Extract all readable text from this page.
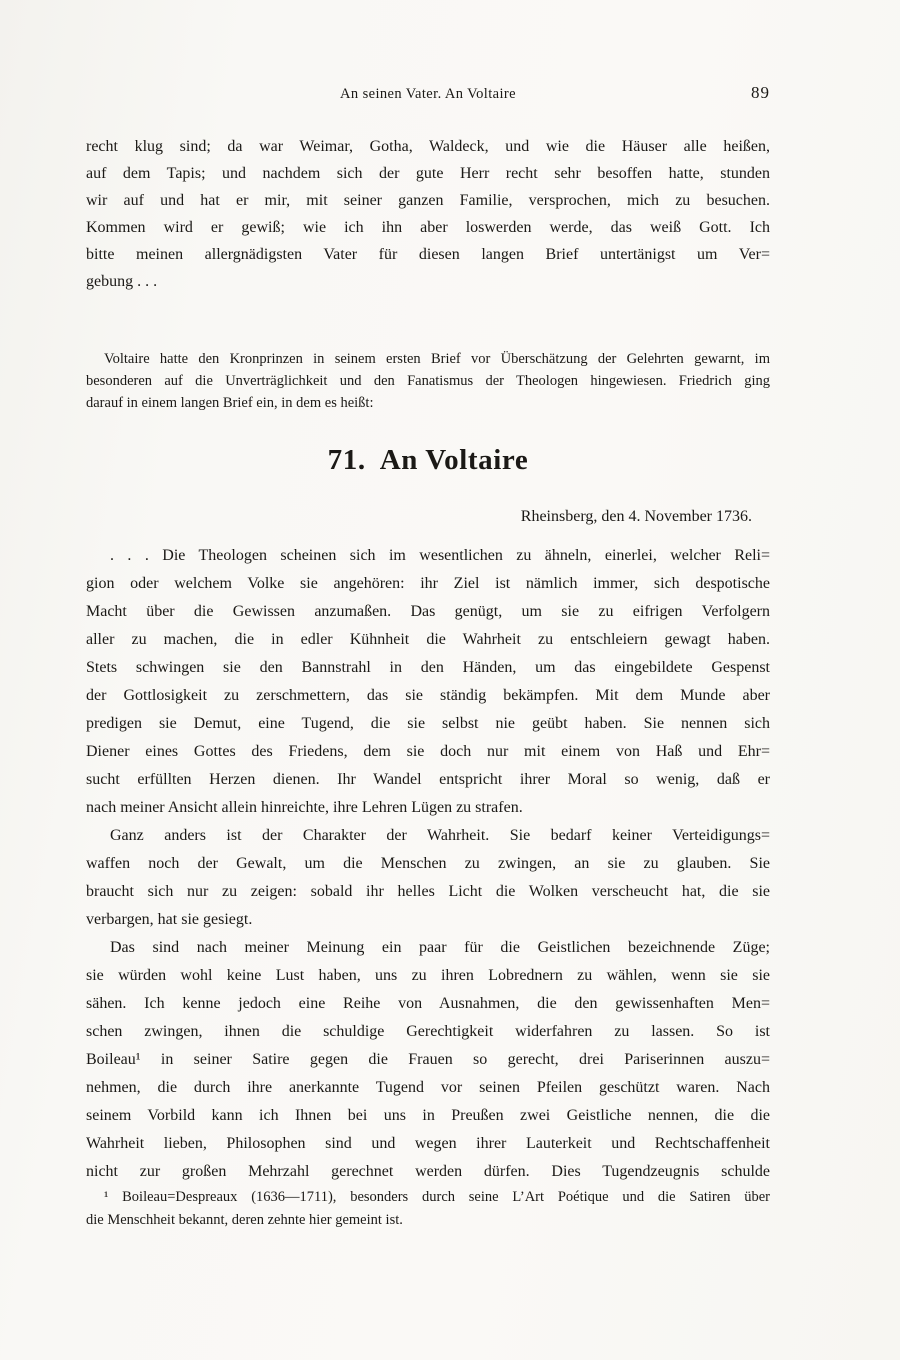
An seinen Vater. An Voltaire	89
recht klug sind; da war Weimar, Gotha, Waldeck, und wie die Häuser alle heißen,
auf dem Tapis; und nachdem sich der gute Herr recht sehr besoffen hatte, stunden
wir auf und hat er mir, mit seiner ganzen Familie, versprochen, mich zu besuchen.
Kommen wird er gewiß; wie ich ihn aber loswerden werde, das weiß Gott. Ich
bitte meinen allergnädigsten Vater für diesen langen Brief untertänigst um Ver=
gebung . . .
Voltaire hatte den Kronprinzen in seinem ersten Brief vor Überschätzung der Gelehrten gewarnt, im
besonderen auf die Unverträglichkeit und den Fanatismus der Theologen hingewiesen. Friedrich ging
darauf in einem langen Brief ein, in dem es heißt:
71. An Voltaire
Rheinsberg, den 4. November 1736.
. . . Die Theologen scheinen sich im wesentlichen zu ähneln, einerlei, welcher Reli=
gion oder welchem Volke sie angehören: ihr Ziel ist nämlich immer, sich despotische
Macht über die Gewissen anzumaßen. Das genügt, um sie zu eifrigen Verfolgern
aller zu machen, die in edler Kühnheit die Wahrheit zu entschleiern gewagt haben.
Stets schwingen sie den Bannstrahl in den Händen, um das eingebildete Gespenst
der Gottlosigkeit zu zerschmettern, das sie ständig bekämpfen. Mit dem Munde aber
predigen sie Demut, eine Tugend, die sie selbst nie geübt haben. Sie nennen sich
Diener eines Gottes des Friedens, dem sie doch nur mit einem von Haß und Ehr=
sucht erfüllten Herzen dienen. Ihr Wandel entspricht ihrer Moral so wenig, daß er
nach meiner Ansicht allein hinreichte, ihre Lehren Lügen zu strafen.
Ganz anders ist der Charakter der Wahrheit. Sie bedarf keiner Verteidigungs=
waffen noch der Gewalt, um die Menschen zu zwingen, an sie zu glauben. Sie
braucht sich nur zu zeigen: sobald ihr helles Licht die Wolken verscheucht hat, die sie
verbargen, hat sie gesiegt.
Das sind nach meiner Meinung ein paar für die Geistlichen bezeichnende Züge;
sie würden wohl keine Lust haben, uns zu ihren Lobrednern zu wählen, wenn sie sie
sähen. Ich kenne jedoch eine Reihe von Ausnahmen, die den gewissenhaften Men=
schen zwingen, ihnen die schuldige Gerechtigkeit widerfahren zu lassen. So ist
Boileau¹ in seiner Satire gegen die Frauen so gerecht, drei Pariserinnen auszu=
nehmen, die durch ihre anerkannte Tugend vor seinen Pfeilen geschützt waren. Nach
seinem Vorbild kann ich Ihnen bei uns in Preußen zwei Geistliche nennen, die die
Wahrheit lieben, Philosophen sind und wegen ihrer Lauterkeit und Rechtschaffenheit
nicht zur großen Mehrzahl gerechnet werden dürfen. Dies Tugendzeugnis schulde
¹ Boileau=Despreaux (1636—1711), besonders durch seine L’Art Poétique und die Satiren über
die Menschheit bekannt, deren zehnte hier gemeint ist.
